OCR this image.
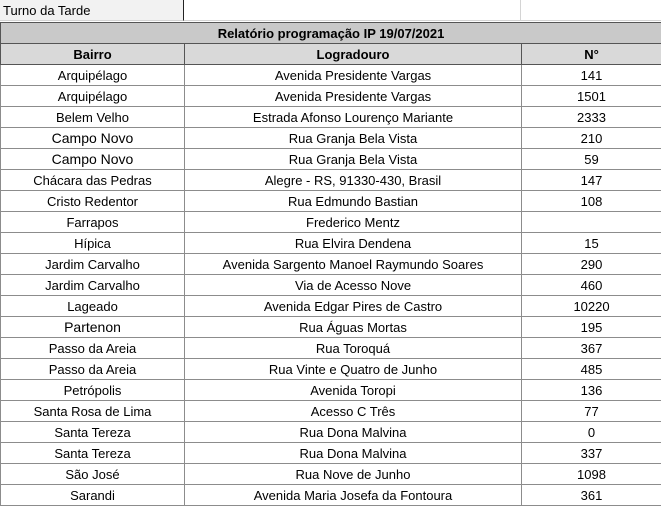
Turno da Tarde
Relatório programação IP 19/07/2021		
Bairro	Logradouro	N°
Arquipélago	Avenida Presidente Vargas	141
Arquipélago	Avenida Presidente Vargas	1501
Belem Velho	Estrada Afonso Lourenço Mariante	2333
Campo Novo	Rua Granja Bela Vista	210
Campo Novo	Rua Granja Bela Vista	59
Chácara das Pedras	Alegre - RS, 91330-430, Brasil	147
Cristo Redentor	Rua Edmundo Bastian	108
Farrapos	Frederico Mentz	
Hípica	Rua Elvira Dendena	15
Jardim Carvalho	Avenida Sargento Manoel Raymundo Soares	290
Jardim Carvalho	Via de Acesso Nove	460
Lageado	Avenida Edgar Pires de Castro	10220
Partenon	Rua Águas Mortas	195
Passo da Areia	Rua Toroquá	367
Passo da Areia	Rua Vinte e Quatro de Junho	485
Petrópolis	Avenida Toropi	136
Santa Rosa de Lima	Acesso C Três	77
Santa Tereza	Rua Dona Malvina	0
Santa Tereza	Rua Dona Malvina	337
São José	Rua Nove de Junho	1098
Sarandi	Avenida Maria Josefa da Fontoura	361
